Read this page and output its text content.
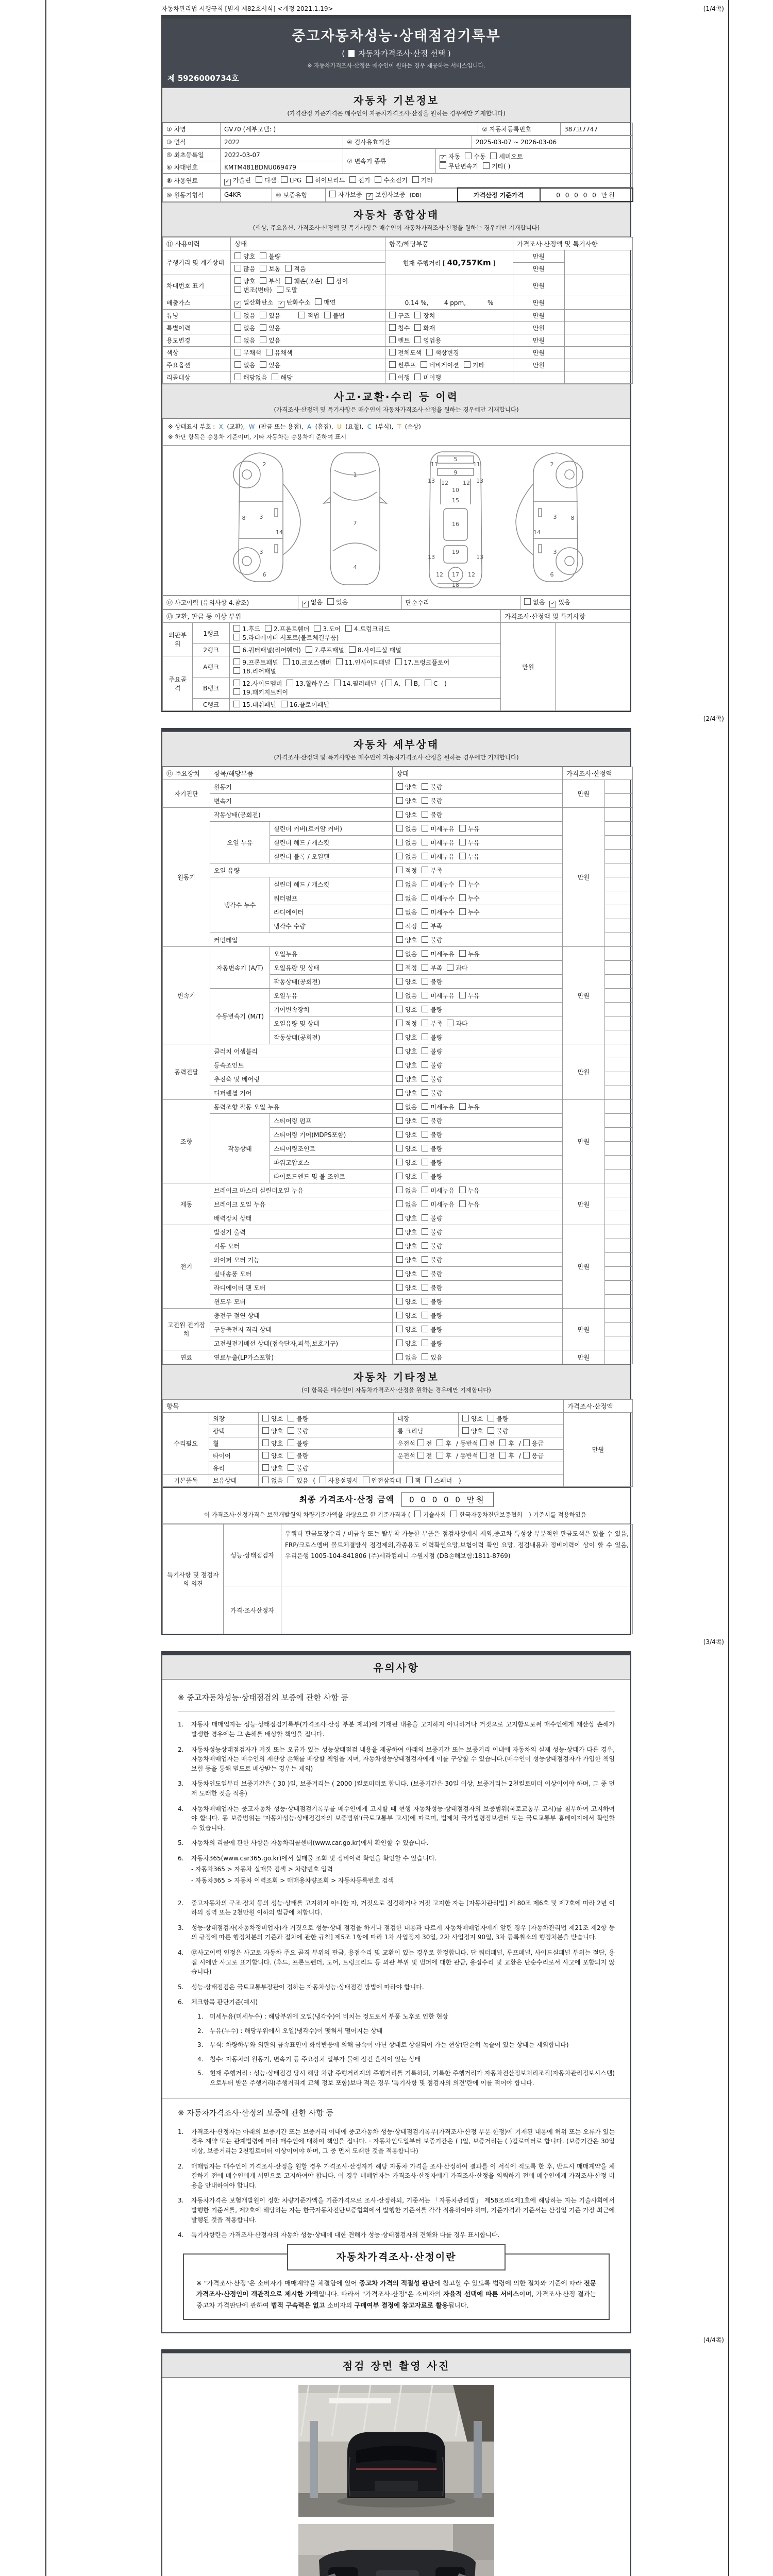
자동차관리법 시행규칙 [별지 제82호서식] <개정 2021.1.19>	(1/4쪽)
중고자동차성능·상태점검기록부
( 자동차가격조사·산정 선택 )
※ 자동차가격조사·산정은 매수인이 원하는 경우 제공하는 서비스입니다.
제 5926000734호
자동차 기본정보
(가격산정 기준가격은 매수인이 자동차가격조사·산정을 원하는 경우에만 기재합니다)
① 차명	GV70 (세부모델: )	② 자동차등록번호	387고7747
③ 연식	2022	④ 검사유효기간	2025-03-07 ~ 2026-03-06
⑤ 최초등록일	2022-03-07	⑦ 변속기 종류	✓자동 수동 세미오토
무단변속기 기타( )
⑥ 차대번호	KMTM481BDNU069479		
⑧ 사용연료	✓가솔린 디젤 LPG 하이브리드 전기 수소전기 기타
⑨ 원동기형식	G4KR	⑩ 보증유형	자가보증 ✓ 보험사보증 [DB]	가격산정 기준가격	0 0 0 0 0 만원
자동차 종합상태
(색상, 주요옵션, 가격조사·산정액 및 특기사항은 매수인이 자동차가격조사·산정을 원하는 경우에만 기재합니다)
⑪ 사용이력	상태	항목/해당부품	가격조사·산정액 및 특기사항	
주행거리 및 계기상태	양호 불량	현재 주행거리 [ 40,757Km ]	만원	
	많음 보통 적음		만원	
차대번호 표기	양호 부식 훼손(오손) 상이변조(변타) 도말		만원	
배출가스	✓일산화탄소 ✓ 탄화수소 매연	0.14 %,        4 ppm,           %	만원	
튜닝	없음 있음 적법 불법	구조 장치	만원	
특별이력	없음 있음	침수 화재	만원	
용도변경	없음 있음	렌트 영업용	만원	
색상	무채색 유채색	전체도색 색상변경	만원	
주요옵션	없음 있음	썬루프 네비게이션 기타	만원	
리콜대상	해당없음 해당	이행 미이행		
사고·교환·수리 등 이력
(가격조사·산정액 및 특기사항은 매수인이 자동차가격조사·산정을 원하는 경우에만 기재합니다)
※ 상태표시 부호 : X (교환), W (판금 또는 용접), A (흠집), U (요철), C (부식), T (손상)
※ 하단 항목은 승용차 기준이며, 기타 자동차는 승용차에 준하여 표시
2
8 3
14
3
6
1
7
4
5
9
11	11
13	13
12	12
10
15
16
19
13	13
12	12
17
18
2
8
3
14
3
6
⑫ 사고이력 (유의사항 4.참조)	✓없음 있음	단순수리	없음 ✓ 있음
⑬ 교환, 판금 등 이상 부위			가격조사·산정액 및 특기사항	
외판부위	1랭크	1.후드 2.프론트휀더 3.도어 4.트렁크리드5.라디에이터 서포트(볼트체결부품)	만원	
	2랭크	6.쿼터패널(리어휀더) 7.루프패널 8.사이드실 패널		
주요골격	A랭크	9.프론트패널 10.크로스멤버 11.인사이드패널 17.트렁크플로어18.리어패널		
	B랭크	12.사이드멤버 13.휠하우스 14.필러패널 ( A, B, C ) 19.패키지트레이		
	C랭크	15.대쉬패널 16.플로어패널		
(2/4쪽)
자동차 세부상태
(가격조사·산정액 및 특기사항은 매수인이 자동차가격조사·산정을 원하는 경우에만 기재합니다)
⑭ 주요장치	항목/해당부품		상태	가격조사·산정액	
자기진단	원동기		양호 불량	만원	
	변속기		양호 불량		
원동기	작동상태(공회전)		양호 불량	만원	
	오일 누유	실린더 커버(로커암 커버)	없음 미세누유 누유		
		실린더 헤드 / 개스킷	없음 미세누유 누유		
		실린더 블록 / 오일팬	없음 미세누유 누유		
	오일 유량		적정 부족		
	냉각수 누수	실린더 헤드 / 개스킷	없음 미세누수 누수		
		워터펌프	없음 미세누수 누수		
		라디에이터	없음 미세누수 누수		
		냉각수 수량	적정 부족		
	커먼레일		양호 불량		
변속기	자동변속기 (A/T)	오일누유	없음 미세누유 누유	만원	
		오일유량 및 상태	적정 부족 과다		
		작동상태(공회전)	양호 불량		
	수동변속기 (M/T)	오일누유	없음 미세누유 누유		
		기어변속장치	양호 불량		
		오일유량 및 상태	적정 부족 과다		
		작동상태(공회전)	양호 불량		
동력전달	클러치 어셈블리		양호 불량	만원	
	등속조인트		양호 불량		
	추진축 및 베어링		양호 불량		
	디퍼렌셜 기어		양호 불량		
조향	동력조향 작동 오일 누유		없음 미세누유 누유	만원	
	작동상태	스티어링 펌프	양호 불량		
		스티어링 기어(MDPS포함)	양호 불량		
		스티어링조인트	양호 불량		
		파워고압호스	양호 불량		
		타이로드엔드 및 볼 조인트	양호 불량		
제동	브레이크 마스터 실린더오일 누유		없음 미세누유 누유	만원	
	브레이크 오일 누유		없음 미세누유 누유		
	배력장치 상태		양호 불량		
전기	발전기 출력		양호 불량	만원	
	시동 모터		양호 불량		
	와이퍼 모터 기능		양호 불량		
	실내송풍 모터		양호 불량		
	라디에이터 팬 모터		양호 불량		
	윈도우 모터		양호 불량		
고전원 전기장치	충전구 절연 상태		양호 불량	만원	
	구동축전지 격리 상태		양호 불량		
	고전원전기배선 상태(접속단자,피복,보호기구)		양호 불량		
연료	연료누출(LP가스포함)		없음 있음	만원	
자동차 기타정보
(이 항목은 매수인이 자동차가격조사·산정을 원하는 경우에만 기재합니다)
항목					가격조사·산정액
수리필요	외장	양호 불량	내장	양호 불량	만원
	광택	양호 불량	룸 크리닝	양호 불량	
	휠	양호 불량	운전석 전 후 / 동반석 전 후 / 응급		
	타이어	양호 불량	운전석 전 후 / 동반석 전 후 / 응급		
	유리	양호 불량			
기본품목	보유상태	없음 있음 ( 사용설명서 안전삼각대 잭 스패너 )			
최종 가격조사·산정 금액 0 0 0 0 0 만원
이 가격조사·산정가격은 보험개발원의 차량기준가액을 바탕으로 한 기준가격과 ( 기술사회 한국자동차진단보증협회 ) 기준서를 적용하였음
특기사항 및 점검자의 의견	성능·상태점검자	우쿼터 판금도장수리 / 비금속 또는 탈부착 가능한 부품은 점검사항에서 제외,중고차 특성상 부분적인 판금도색은 있을 수 있음, FRP/크로스멤버 볼트체결방식 점검제외,각종용도 이력확인요망,보험이력 확인 요망, 점검내용과 정비이력이 상이 할 수 있음, 우리은행 1005-104-841806 (주)세라컴퍼니 수원지점 (DB손해보험:1811-8769)
	가격·조사산정자	
(3/4쪽)
유의사항
※ 중고자동차성능·상태점검의 보증에 관한 사항 등
1.	자동차 매매업자는 성능·상태점검기록부(가격조사·산정 부분 제외)에 기재된 내용을 고지하지 아니하거나 거짓으로 고지함으로써 매수인에게 재산상 손해가 발생한 경우에는 그 손해를 배상할 책임을 집니다.
2.	자동차성능상태점검자가 거짓 또는 오류가 있는 성능상태점검 내용을 제공하여 아래의 보증기간 또는 보증거리 이내에 자동차의 실제 성능·상태가 다른 경우, 자동차매매업자는 매수인의 재산상 손해를 배상할 책임을 지며, 자동차성능상태점검자에게 이를 구상할 수 있습니다.(매수인이 성능상태점검자가 가입한 책임보험 등을 통해 별도로 배상받는 경우는 제외)
3.	자동차인도일부터 보증기간은 ( 30 )일, 보증거리는 ( 2000 )킬로미터로 합니다. (보증기간은 30일 이상, 보증거리는 2천킬로미터 이상이어야 하며, 그 중 먼저 도래한 것을 적용)
4.	자동차매매업자는 중고자동차 성능·상태점검기록부를 매수인에게 고지할 때 현행 자동차성능·상태점검자의 보증범위(국토교통부 고시)를 첨부하여 고지하여야 합니다. 동 보증범위는 '자동차성능·상태점검자의 보증범위'(국토교통부 고시)에 따르며, 법제처 국가법령정보센터 또는 국토교통부 홈페이지에서 확인할 수 있습니다.
5.	자동차의 리콜에 관한 사항은 자동차리콜센터(www.car.go.kr)에서 확인할 수 있습니다.
6.	자동차365(www.car365.go.kr)에서 실매물 조회 및 정비이력 확인을 확인할 수 있습니다.
- 자동차365 > 자동차 실매물 검색 > 차량번호 입력
- 자동차365 > 자동차 이력조회 > 매매용차량조회 > 자동차등록번호 검색
2.	중고자동차의 구조·장치 등의 성능·상태를 고지하지 아니한 자, 거짓으로 점검하거나 거짓 고지한 자는 [자동차관리법] 제 80조 제6호 및 제7호에 따라 2년 이하의 징역 또는 2천만원 이하의 벌금에 처합니다.
3.	성능·상태점검자(자동차정비업자)가 거짓으로 성능·상태 점검을 하거나 점검한 내용과 다르게 자동차매매업자에게 알린 경우 [자동차관리법 제21조 제2항 등의 규정에 따른 행정처분의 기준과 절차에 관한 규칙] 제5조 1항에 따라 1차 사업정지 30일, 2차 사업정지 90일, 3차 등록취소의 행정처분을 받습니다.
4.	⑫사고이력 인정은 사고로 자동차 주요 골격 부위의 판금, 용접수리 및 교환이 있는 경우로 한정합니다. 단 쿼터패널, 루프패널, 사이드실패널 부위는 절단, 용접 시에만 사고로 표기합니다. (후드, 프론트펜더, 도어, 트렁크리드 등 외판 부위 및 범퍼에 대한 판금, 용접수리 및 교환은 단순수리로서 사고에 포함되지 않습니다)
5.	성능·상태점검은 국토교통부장관이 정하는 자동차성능·상태점검 방법에 따라야 합니다.
6.	체크항목 판단기준(예시)
1.	미세누유(미세누수) : 해당부위에 오일(냉각수)이 비치는 정도로서 부품 노후로 인한 현상
2.	누유(누수) : 해당부위에서 오일(냉각수)이 맺혀서 떨어지는 상태
3.	부식: 차량하부와 외판의 금속표면이 화학반응에 의해 금속이 아닌 상태로 상실되어 가는 현상(단순히 녹슬어 있는 상태는 제외합니다)
4.	침수: 자동차의 원동기, 변속기 등 주요장치 일부가 물에 잠긴 흔적이 있는 상태
5.	현재 주행거리 : 성능·상태점검 당시 해당 차량 주행거리계의 주행거리를 기록하되, 기록한 주행거리가 자동차전산정보처리조직(자동차관리정보시스템)으로부터 받은 주행거리(주행거리계 교체 정보 포함)보다 적은 경우 '특기사항 및 점검자의 의견'란에 이를 적어야 합니다.
※ 자동차가격조사·산정의 보증에 관한 사항 등
1.	가격조사·산정자는 아래의 보증기간 또는 보증거리 이내에 중고자동차 성능·상태점검기록부(가격조사·산정 부분 한정)에 기재된 내용에 허위 또는 오류가 있는 경우 계약 또는 관계법령에 따라 매수인에 대하여 책임을 집니다. · 자동차인도일부터 보증기간은 ( )일, 보증거리는 ( )킬로미터로 합니다. (보증기간은 30일 이상, 보증거리는 2천킬로미터 이상이어야 하며, 그 중 먼저 도래한 것을 적용합니다)
2.	매매업자는 매수인이 가격조사·산정을 원할 경우 가격조사·산정자가 해당 자동차 가격을 조사·산정하여 결과를 이 서식에 적도록 한 후, 반드시 매매계약을 체결하기 전에 매수인에게 서면으로 고지하여야 합니다. 이 경우 매매업자는 가격조사·산정자에게 가격조사·산정을 의뢰하기 전에 매수인에게 가격조사·산정 비용을 안내하여야 합니다.
3.	자동차가격은 보험개발원이 정한 차량기준가액을 기준가격으로 조사·산정하되, 기준서는 「자동차관리법」 제58조의4제1호에 해당하는 자는 기술사회에서 발행한 기준서를, 제2호에 해당하는 자는 한국자동차진단보증협회에서 발행한 기준서를 각각 적용하여야 하며, 기준가격과 기준서는 산정일 기준 가장 최근에 발행된 것을 적용합니다.
4.	특기사항란은 가격조사·산정자의 자동차 성능·상태에 대한 견해가 성능·상태점검자의 견해와 다를 경우 표시합니다.
자동차가격조사·산정이란
※ "가격조사·산정"은 소비자가 매매계약을 체결함에 있어 중고차 가격의 적절성 판단에 참고할 수 있도록 법령에 의한 절차와 기준에 따라 전문 가격조사·산정인이 객관적으로 제시한 가액입니다. 따라서 "가격조사·산정"은 소비자의 자율적 선택에 따른 서비스이며, 가격조사·산정 결과는 중고차 가격판단에 관하여 법적 구속력은 없고 소비자의 구매여부 결정에 참고자료로 활용됩니다.
(4/4쪽)
점검 장면 촬영 사진
